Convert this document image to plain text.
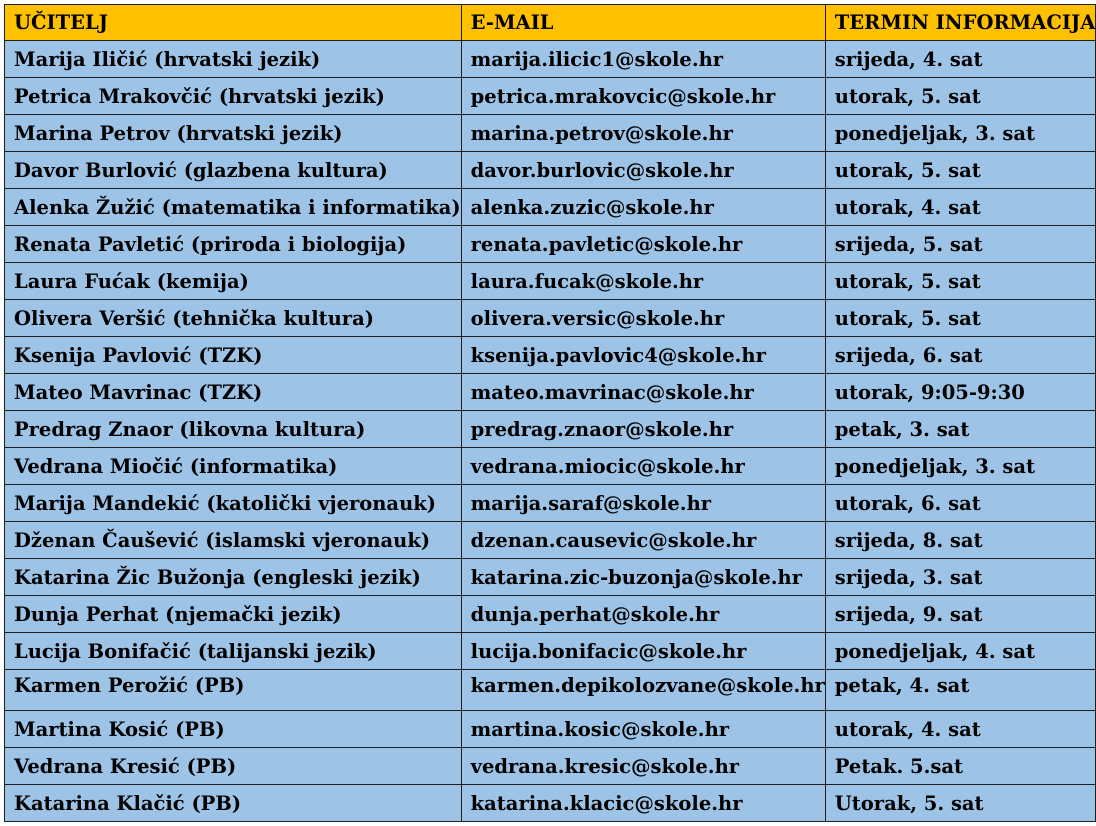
UČITELJ	E-MAIL	TERMIN INFORMACIJA
Marija Iličić (hrvatski jezik)	marija.ilicic1@skole.hr	srijeda, 4. sat
Petrica Mrakovčić (hrvatski jezik)	petrica.mrakovcic@skole.hr	utorak, 5. sat
Marina Petrov (hrvatski jezik)	marina.petrov@skole.hr	ponedjeljak, 3. sat
Davor Burlović (glazbena kultura)	davor.burlovic@skole.hr	utorak, 5. sat
Alenka Žužić (matematika i informatika)	alenka.zuzic@skole.hr	utorak, 4. sat
Renata Pavletić (priroda i biologija)	renata.pavletic@skole.hr	srijeda, 5. sat
Laura Fućak (kemija)	laura.fucak@skole.hr	utorak, 5. sat
Olivera Veršić (tehnička kultura)	olivera.versic@skole.hr	utorak, 5. sat
Ksenija Pavlović (TZK)	ksenija.pavlovic4@skole.hr	srijeda, 6. sat
Mateo Mavrinac (TZK)	mateo.mavrinac@skole.hr	utorak, 9:05-9:30
Predrag Znaor (likovna kultura)	predrag.znaor@skole.hr	petak, 3. sat
Vedrana Miočić (informatika)	vedrana.miocic@skole.hr	ponedjeljak, 3. sat
Marija Mandekić (katolički vjeronauk)	marija.saraf@skole.hr	utorak, 6. sat
Dženan Čaušević (islamski vjeronauk)	dzenan.causevic@skole.hr	srijeda, 8. sat
Katarina Žic Bužonja (engleski jezik)	katarina.zic-buzonja@skole.hr	srijeda, 3. sat
Dunja Perhat (njemački jezik)	dunja.perhat@skole.hr	srijeda, 9. sat
Lucija Bonifačić (talijanski jezik)	lucija.bonifacic@skole.hr	ponedjeljak, 4. sat
Karmen Perožić (PB)	karmen.depikolozvane@skole.hr	petak, 4. sat
Martina Kosić (PB)	martina.kosic@skole.hr	utorak, 4. sat
Vedrana Kresić (PB)	vedrana.kresic@skole.hr	Petak. 5.sat
Katarina Klačić (PB)	katarina.klacic@skole.hr	Utorak, 5. sat
